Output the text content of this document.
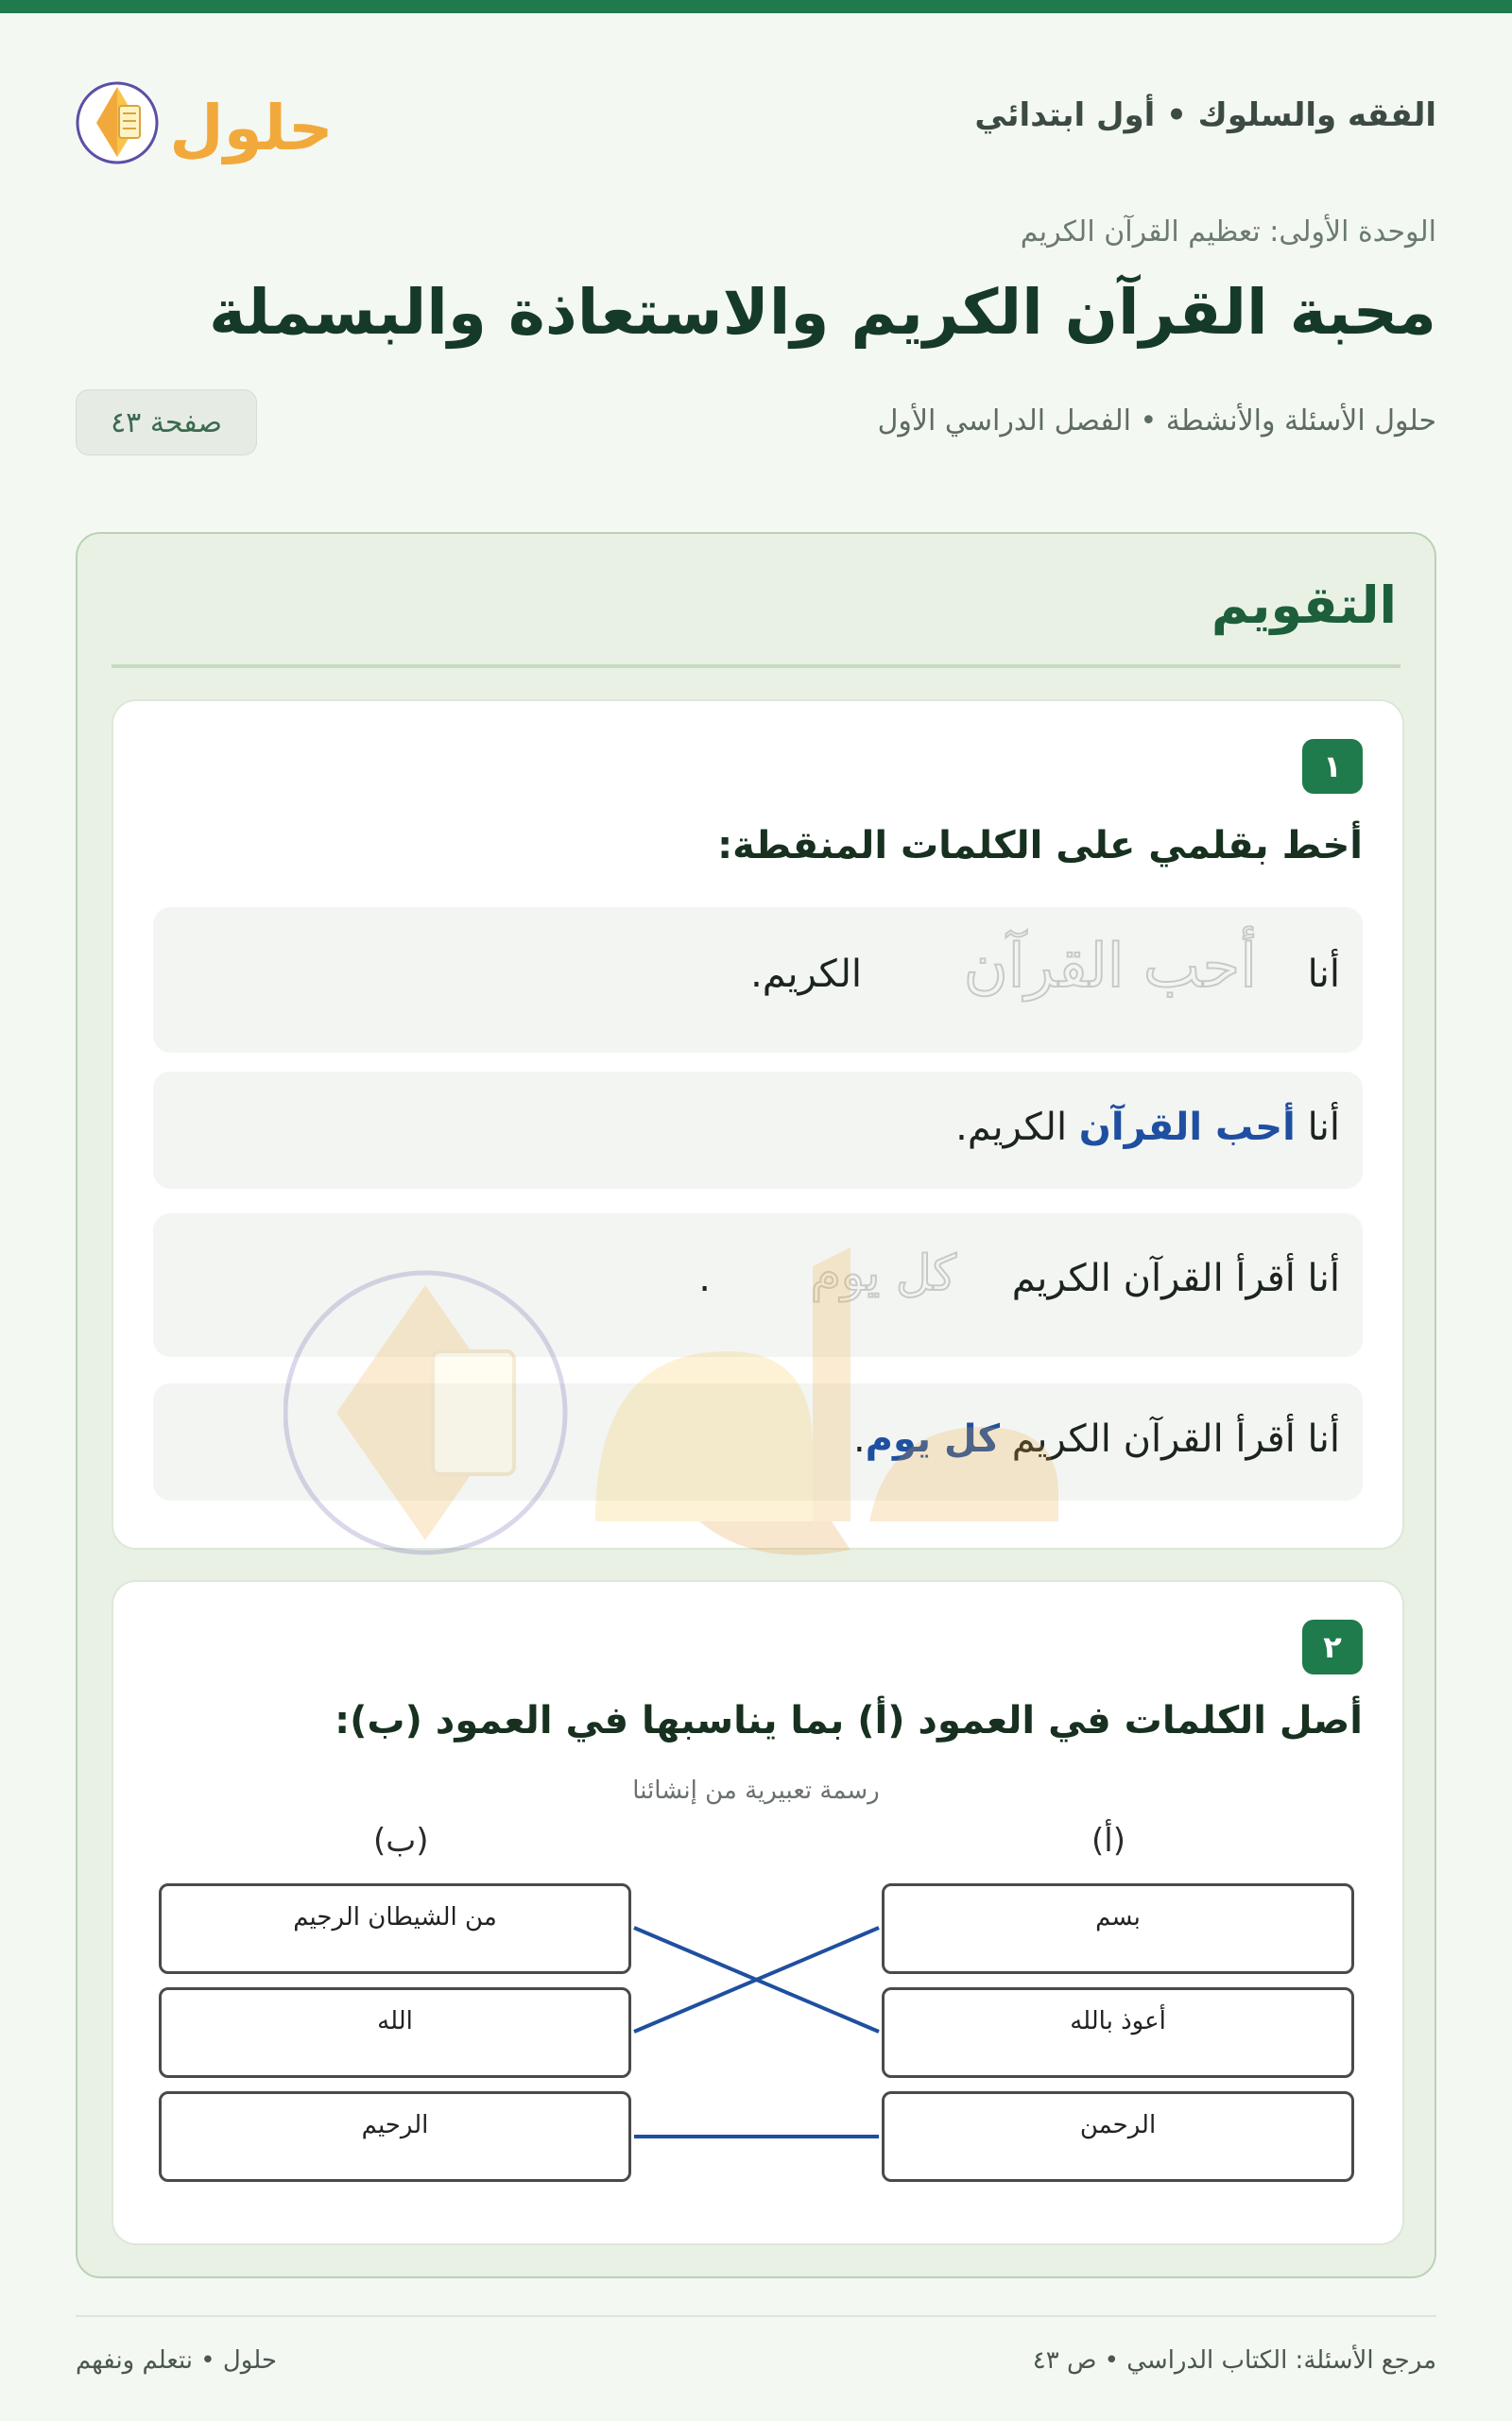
الفقه والسلوك • أول ابتدائي
حلول
الوحدة الأولى: تعظيم القرآن الكريم
محبة القرآن الكريم والاستعاذة والبسملة
حلول الأسئلة والأنشطة • الفصل الدراسي الأول
صفحة ٤٣
التقويم
١
أخط بقلمي على الكلمات المنقطة:
أنا
أحب القرآن
الكريم.
أنا أحب القرآن الكريم.
أنا أقرأ القرآن الكريم
كل يوم
.
أنا أقرأ القرآن الكريم كل يوم.
٢
أصل الكلمات في العمود (أ) بما يناسبها في العمود (ب):
رسمة تعبيرية من إنشائنا
(أ)
(ب)
بسم
أعوذ بالله
الرحمن
من الشيطان الرجيم
الله
الرحيم
مرجع الأسئلة: الكتاب الدراسي • ص ٤٣
حلول • نتعلم ونفهم
